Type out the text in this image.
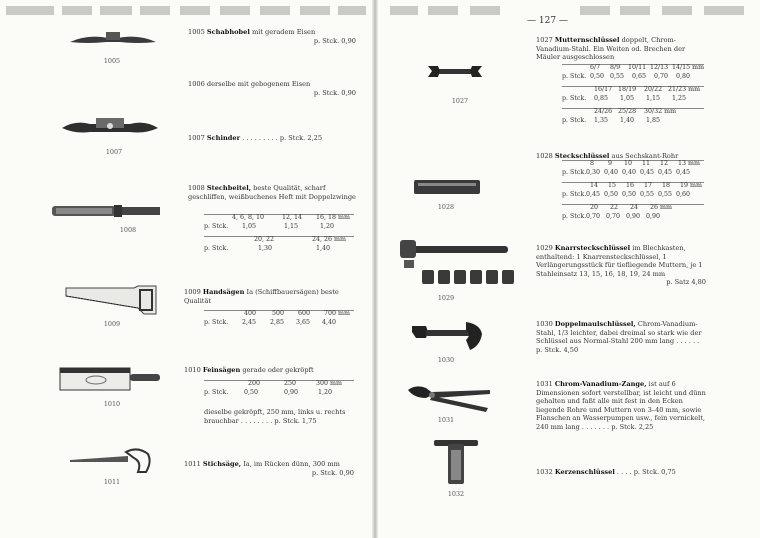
— 127 —
1005
1005 Schabhobel mit geradem Eisen
p. Stck. 0,90
1006 derselbe mit gebogenem Eisen
p. Stck. 0,90
1007
1007 Schinder . . . . . . . . . p. Stck. 2,25
1008
1008 Stechbeitel, beste Qualität, scharf geschliffen, weißbuchenes Heft mit Doppelzwinge
4, 6, 8, 10	12, 14 16, 18 mm
p. Stck. 1,05	1,15	1,20
20, 22	24, 26 mm
p. Stck.	1,30	1,40
1009
1009 Handsägen Ia (Schiffbauersägen) beste Qualität
400	500 600 700 mm
p. Stck. 2,45 2,85 3,65 4,40
1010
1010 Feinsägen gerade oder gekröpft
200	250	300 mm
p. Stck.	0,50	0,90	1,20
dieselbe gekröpft, 250 mm, links u. rechts brauchbar . . . . . . . . p. Stck. 1,75
1011
1011 Stichsäge, Ia, im Rücken dünn, 300 mm
p. Stck. 0,90
1027
1027 Mutternschlüssel doppelt, Chrom-Vanadium-Stahl. Ein Weiten od. Brechen der Mäuler ausgeschlossen
6/7 8/9 10/11 12/13 14/15 mm
p. Stck. 0,50 0,55 0,65 0,70 0,80
16/17 18/19 20/22 21/23 mm
p. Stck. 0,85 1,05 1,15 1,25
24/26 25/28 30/32 mm
p. Stck. 1,35 1,40 1,85
1028
1028 Steckschlüssel aus Sechskant-Rohr
8 9 10 11 12 13 mm
p. Stck. 0,30 0,40 0,40 0,45 0,45 0,45
14 15 16 17 18 19 mm
p. Stck. 0,45 0,50 0,50 0,55 0,55 0,60
20 22 24 26 mm
p. Stck. 0,70 0,70 0,90 0,90
1029
1029 Knarrsteckschlüssel im Blechkasten, enthaltend: 1 Knarrensteckschlüssel, 1 Verlängerungsstück für tiefliegende Muttern, je 1 Stahleinsatz 13, 15, 16, 18, 19, 24 mm
p. Satz 4,80
1030
1030 Doppelmaulschlüssel, Chrom-Vanadium-Stahl, 1/3 leichter, dabei dreimal so stark wie der Schlüssel aus Normal-Stahl 200 mm lang . . . . . . p. Stck. 4,50
1031
1031 Chrom-Vanadium-Zange, ist auf 6 Dimensionen sofort verstellbar, ist leicht und dünn gehalten und faßt alle mit fest in den Ecken liegende Rohre und Muttern von 3–40 mm, sowie Flanschen an Wasserpumpen usw., fein vernickelt, 240 mm lang . . . . . . . p. Stck. 2,25
1032
1032 Kerzenschlüssel . . . . p. Stck. 0,75
